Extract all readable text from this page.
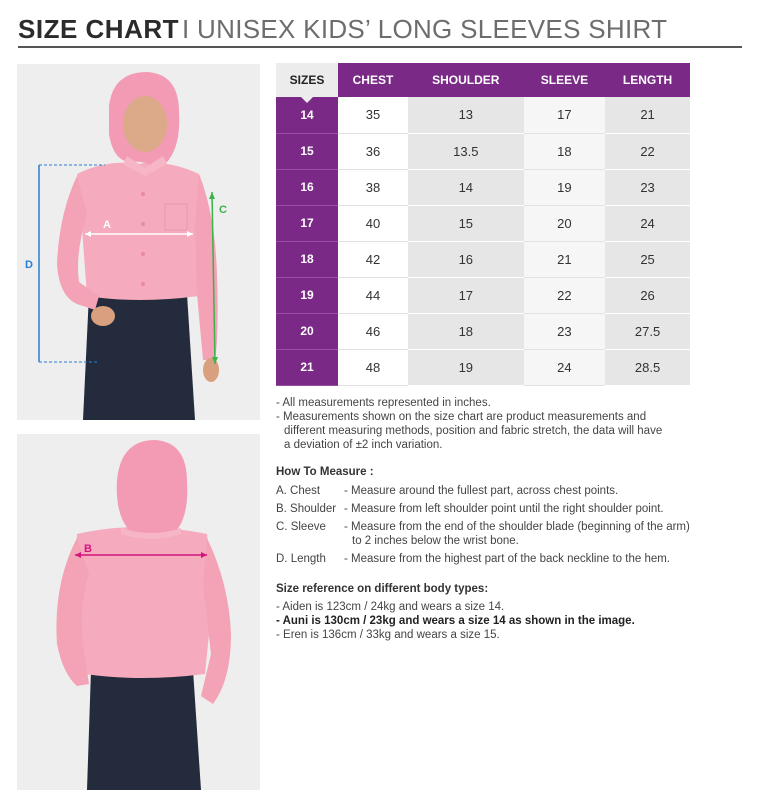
SIZE CHART I UNISEX KIDS’ LONG SLEEVES SHIRT
A
C
D
B
SIZES	CHEST	SHOULDER	SLEEVE	LENGTH
14	35	13	17	21
15	36	13.5	18	22
16	38	14	19	23
17	40	15	20	24
18	42	16	21	25
19	44	17	22	26
20	46	18	23	27.5
21	48	19	24	28.5

- All measurements represented in inches.

- Measurements shown on the size chart are product measurements and

different measuring methods, position and fabric stretch, the data will have

a deviation of ±2 inch variation.

How To Measure :
A. Chest	- Measure around the fullest part, across chest points.
B. Shoulder - Measure from left shoulder point until the right shoulder point.
C. Sleeve	- Measure from the end of the shoulder blade (beginning of the arm)
to 2 inches below the wrist bone.
D. Length	- Measure from the highest part of the back neckline to the hem.
Size reference on different body types:

- Aiden is 123cm / 24kg and wears a size 14.

- Auni is 130cm / 23kg and wears a size 14 as shown in the image.

- Eren is 136cm / 33kg and wears a size 15.
